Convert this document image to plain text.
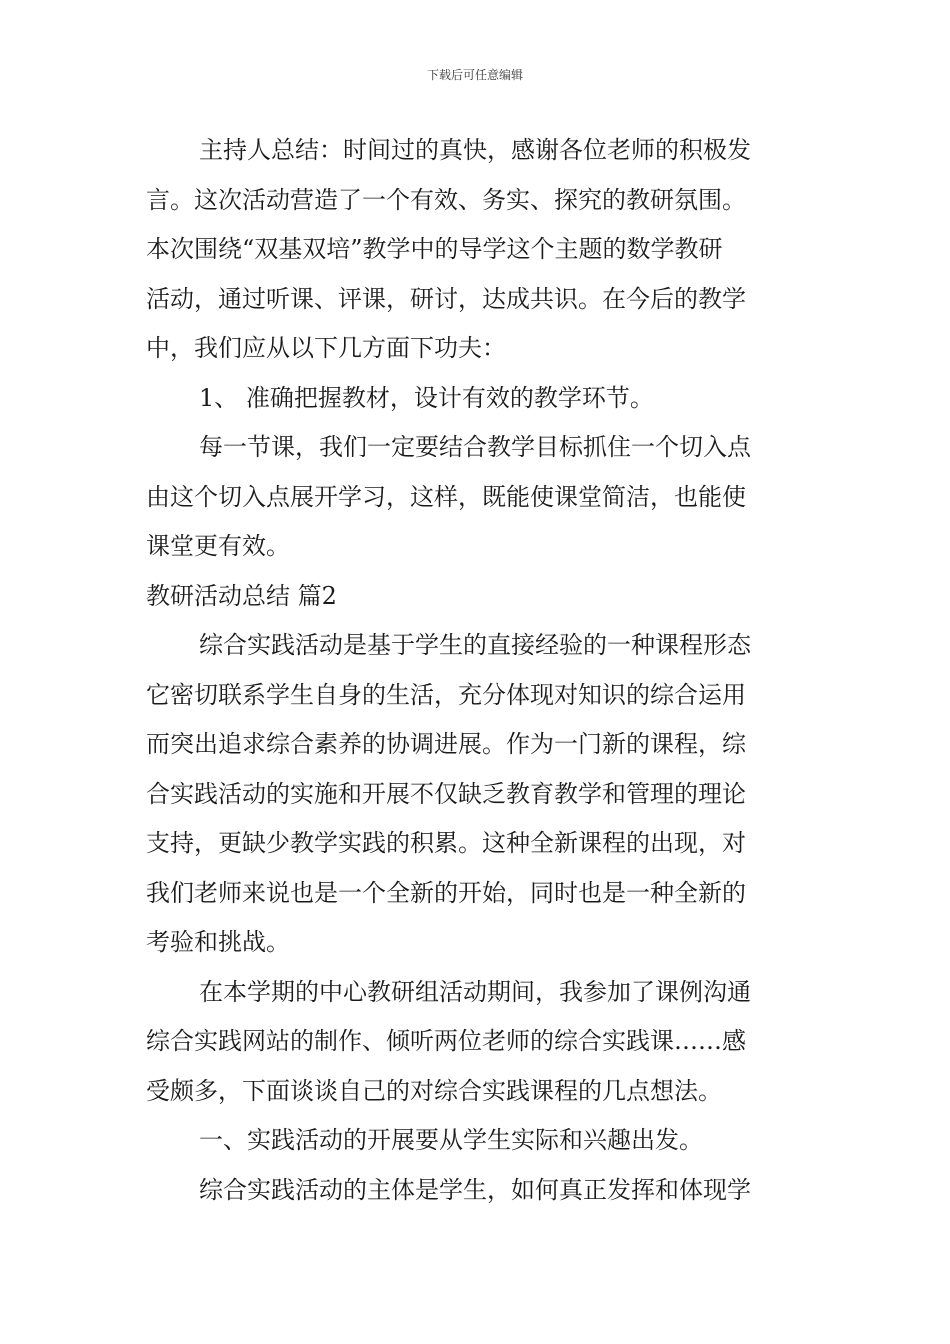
下载后可任意编辑
主持人总结：时间过的真快，感谢各位老师的积极发
言。这次活动营造了一个有效、务实、探究的教研氛围。
本次围绕“双基双培”教学中的导学这个主题的数学教研
活动，通过听课、评课，研讨，达成共识。在今后的教学
中，我们应从以下几方面下功夫：
1、 准确把握教材，设计有效的教学环节。
每一节课，我们一定要结合教学目标抓住一个切入点
由这个切入点展开学习，这样，既能使课堂简洁，也能使
课堂更有效。
教研活动总结 篇2
综合实践活动是基于学生的直接经验的一种课程形态
它密切联系学生自身的生活，充分体现对知识的综合运用
而突出追求综合素养的协调进展。作为一门新的课程，综
合实践活动的实施和开展不仅缺乏教育教学和管理的理论
支持，更缺少教学实践的积累。这种全新课程的出现，对
我们老师来说也是一个全新的开始，同时也是一种全新的
考验和挑战。
在本学期的中心教研组活动期间，我参加了课例沟通
综合实践网站的制作、倾听两位老师的综合实践课……感
受颇多，下面谈谈自己的对综合实践课程的几点想法。
一、实践活动的开展要从学生实际和兴趣出发。
综合实践活动的主体是学生，如何真正发挥和体现学
